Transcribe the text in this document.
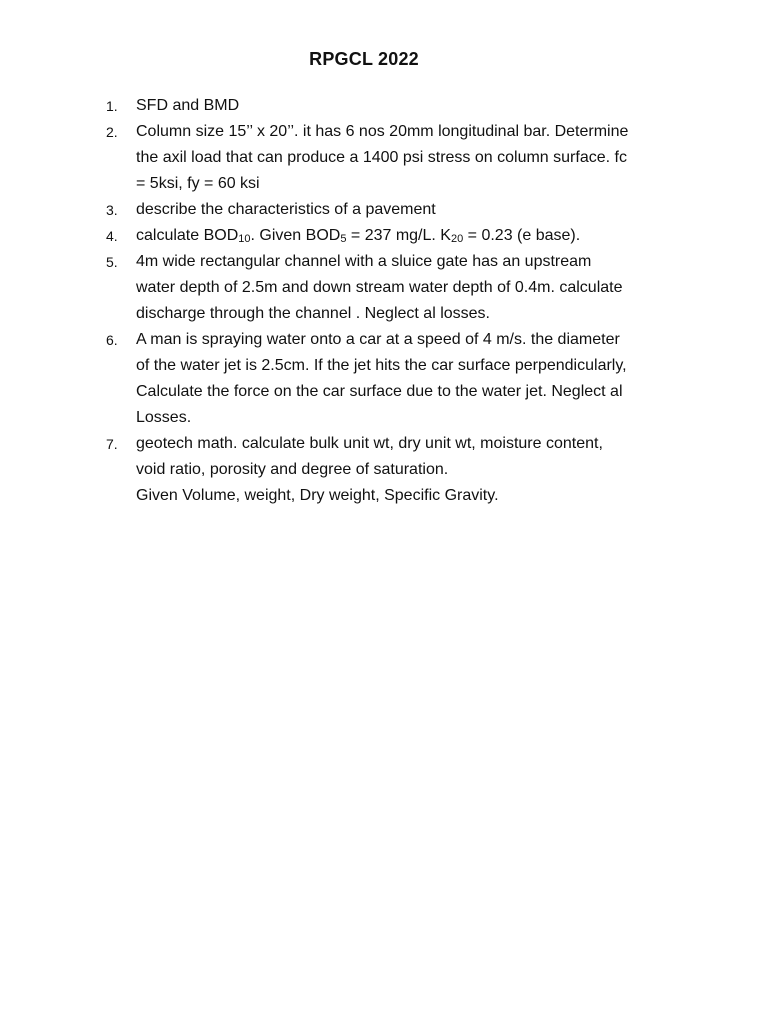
RPGCL 2022
1.	SFD and BMD
2.	Column size 15’’ x 20’’. it has 6 nos 20mm longitudinal bar. Determine
the axil load that can produce a 1400 psi stress on column surface. fc
= 5ksi, fy = 60 ksi
3.	describe the characteristics of a pavement
4.	calculate BOD10. Given BOD5 = 237 mg/L. K20 = 0.23 (e base).
5.	4m wide rectangular channel with a sluice gate has an upstream
water depth of 2.5m and down stream water depth of 0.4m. calculate
discharge through the channel . Neglect al losses.
6.	A man is spraying water onto a car at a speed of 4 m/s. the diameter
of the water jet is 2.5cm. If the jet hits the car surface perpendicularly,
Calculate the force on the car surface due to the water jet. Neglect al
Losses.
7.	geotech math. calculate bulk unit wt, dry unit wt, moisture content,
void ratio, porosity and degree of saturation.
Given Volume, weight, Dry weight, Specific Gravity.
